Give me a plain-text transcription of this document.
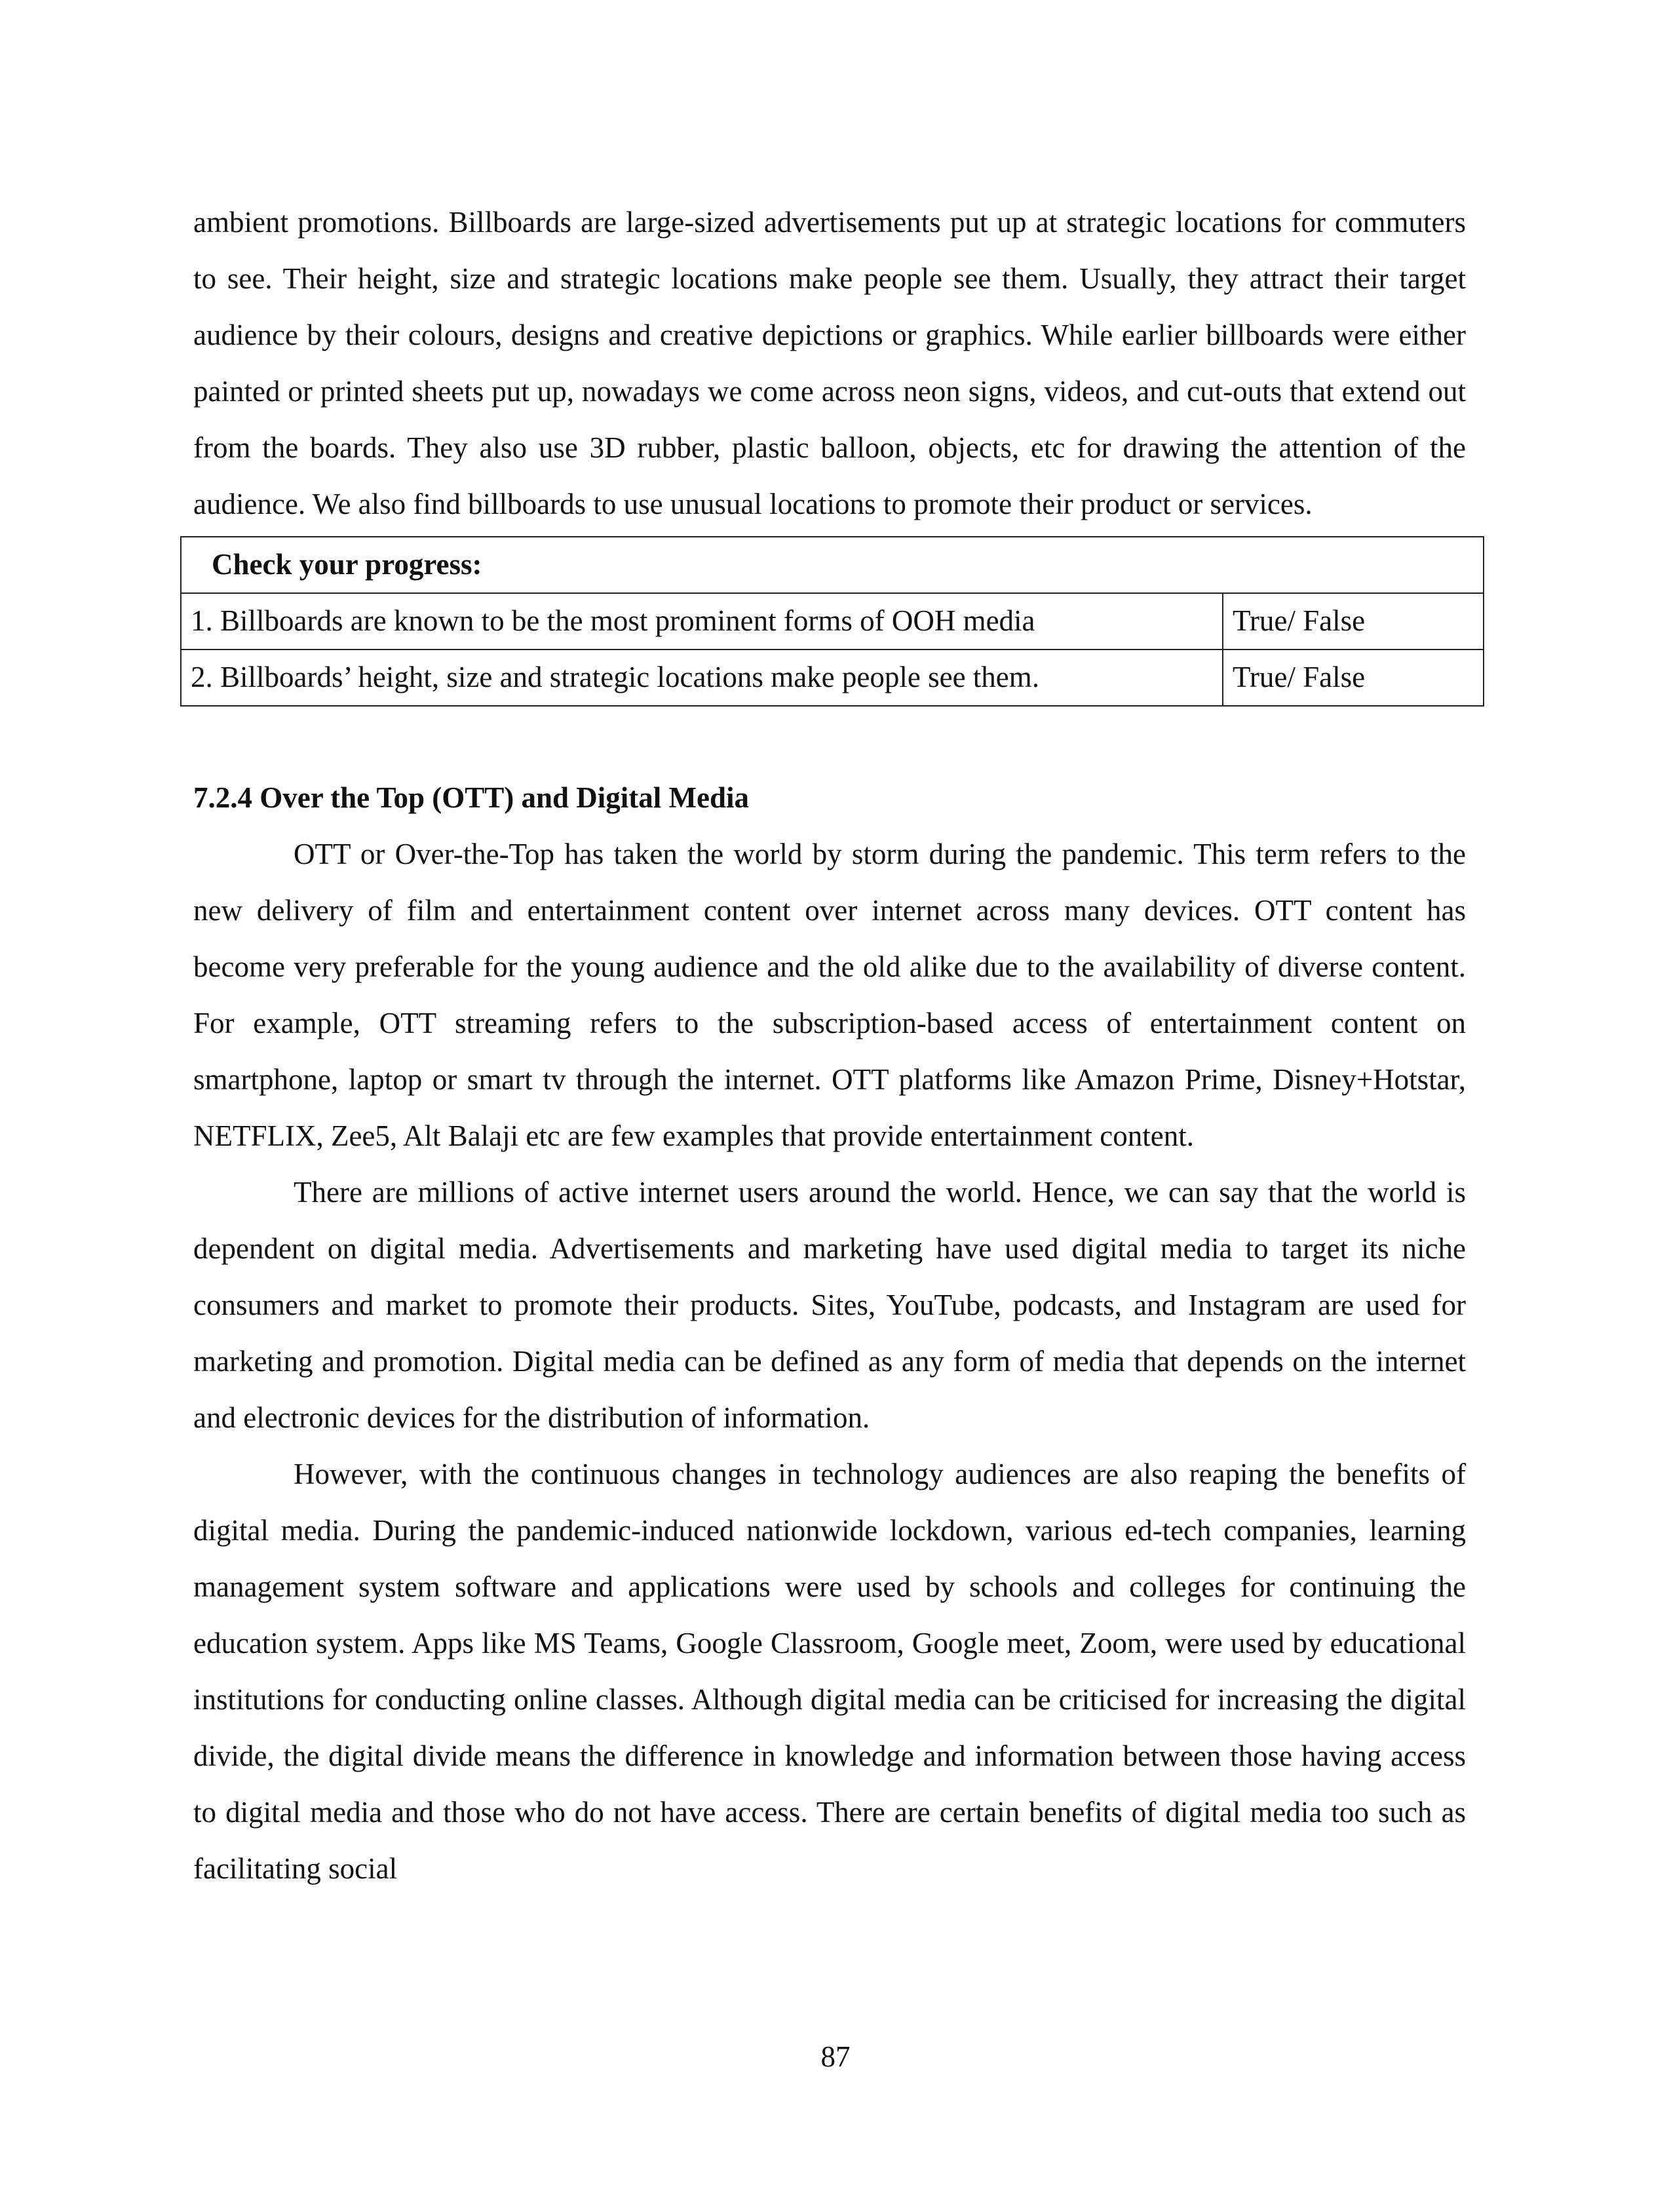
ambient promotions. Billboards are large-sized advertisements put up at strategic locations for commuters to see. Their height, size and strategic locations make people see them. Usually, they attract their target audience by their colours, designs and creative depictions or graphics. While earlier billboards were either painted or printed sheets put up, nowadays we come across neon signs, videos, and cut-outs that extend out from the boards. They also use 3D rubber, plastic balloon, objects, etc for drawing the attention of the audience. We also find billboards to use unusual locations to promote their product or services.

Check your progress:	
1. Billboards are known to be the most prominent forms of OOH media	True/ False
2. Billboards’ height, size and strategic locations make people see them.	True/ False
7.2.4 Over the Top (OTT) and Digital Media

OTT or Over-the-Top has taken the world by storm during the pandemic. This term refers to the new delivery of film and entertainment content over internet across many devices. OTT content has become very preferable for the young audience and the old alike due to the availability of diverse content. For example, OTT streaming refers to the subscription-based access of entertainment content on smartphone, laptop or smart tv through the internet. OTT platforms like Amazon Prime, Disney+Hotstar, NETFLIX, Zee5, Alt Balaji etc are few examples that provide entertainment content.

There are millions of active internet users around the world. Hence, we can say that the world is dependent on digital media. Advertisements and marketing have used digital media to target its niche consumers and market to promote their products. Sites, YouTube, podcasts, and Instagram are used for marketing and promotion. Digital media can be defined as any form of media that depends on the internet and electronic devices for the distribution of information.

However, with the continuous changes in technology audiences are also reaping the benefits of digital media. During the pandemic-induced nationwide lockdown, various ed-tech companies, learning management system software and applications were used by schools and colleges for continuing the education system. Apps like MS Teams, Google Classroom, Google meet, Zoom, were used by educational institutions for conducting online classes. Although digital media can be criticised for increasing the digital divide, the digital divide means the difference in knowledge and information between those having access to digital media and those who do not have access. There are certain benefits of digital media too such as facilitating social

87
